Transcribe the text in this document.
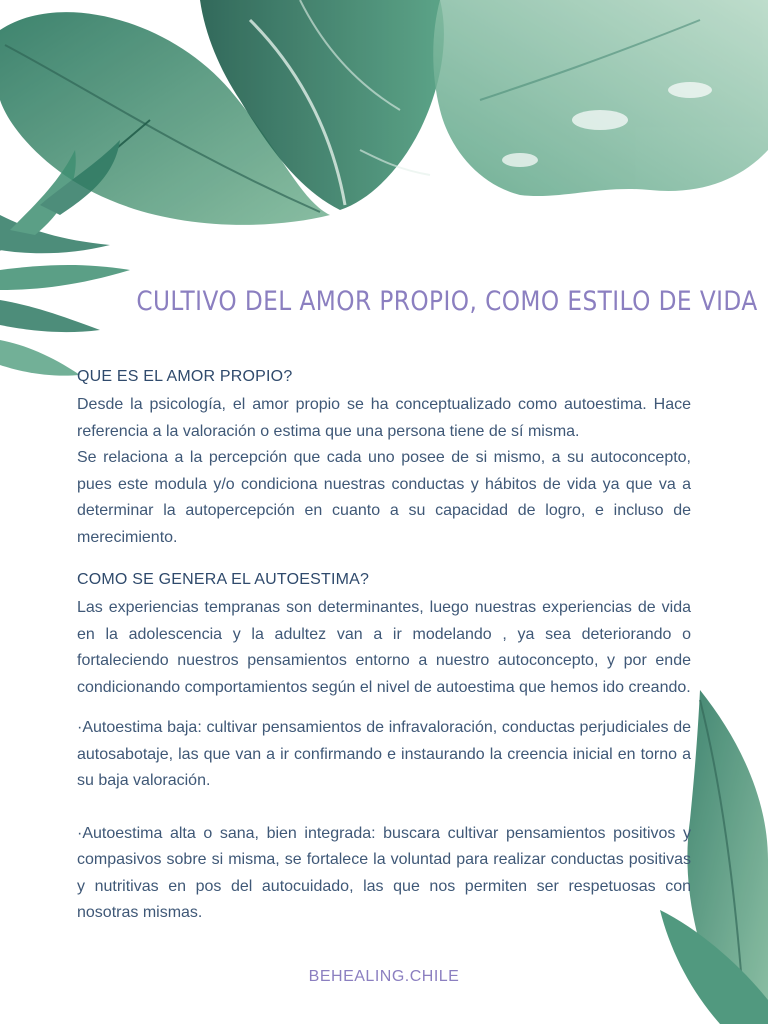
CULTIVO DEL AMOR PROPIO, COMO ESTILO DE VIDA
QUE ES EL AMOR PROPIO?

Desde la psicología, el amor propio se ha conceptualizado como autoestima. Hace referencia a la valoración o estima que una persona tiene de sí misma.

Se relaciona a la percepción que cada uno posee de si mismo, a su autoconcepto, pues este modula y/o condiciona nuestras conductas y hábitos de vida ya que va a determinar la autopercepción en cuanto a su capacidad de logro, e incluso de merecimiento.

COMO SE GENERA EL AUTOESTIMA?

Las experiencias tempranas son determinantes, luego nuestras experiencias de vida en la adolescencia y la adultez van a ir modelando , ya sea deteriorando o fortaleciendo nuestros pensamientos entorno a nuestro autoconcepto, y por ende condicionando comportamientos según el nivel de autoestima que hemos ido creando.

·Autoestima baja: cultivar pensamientos de infravaloración, conductas perjudiciales de autosabotaje, las que van a ir confirmando e instaurando la creencia inicial en torno a su baja valoración.

·Autoestima alta o sana, bien integrada: buscara cultivar pensamientos positivos y compasivos sobre si misma, se fortalece la voluntad para realizar conductas positivas y nutritivas en pos del autocuidado, las que nos permiten ser respetuosas con nosotras mismas.

BEHEALING.CHILE
